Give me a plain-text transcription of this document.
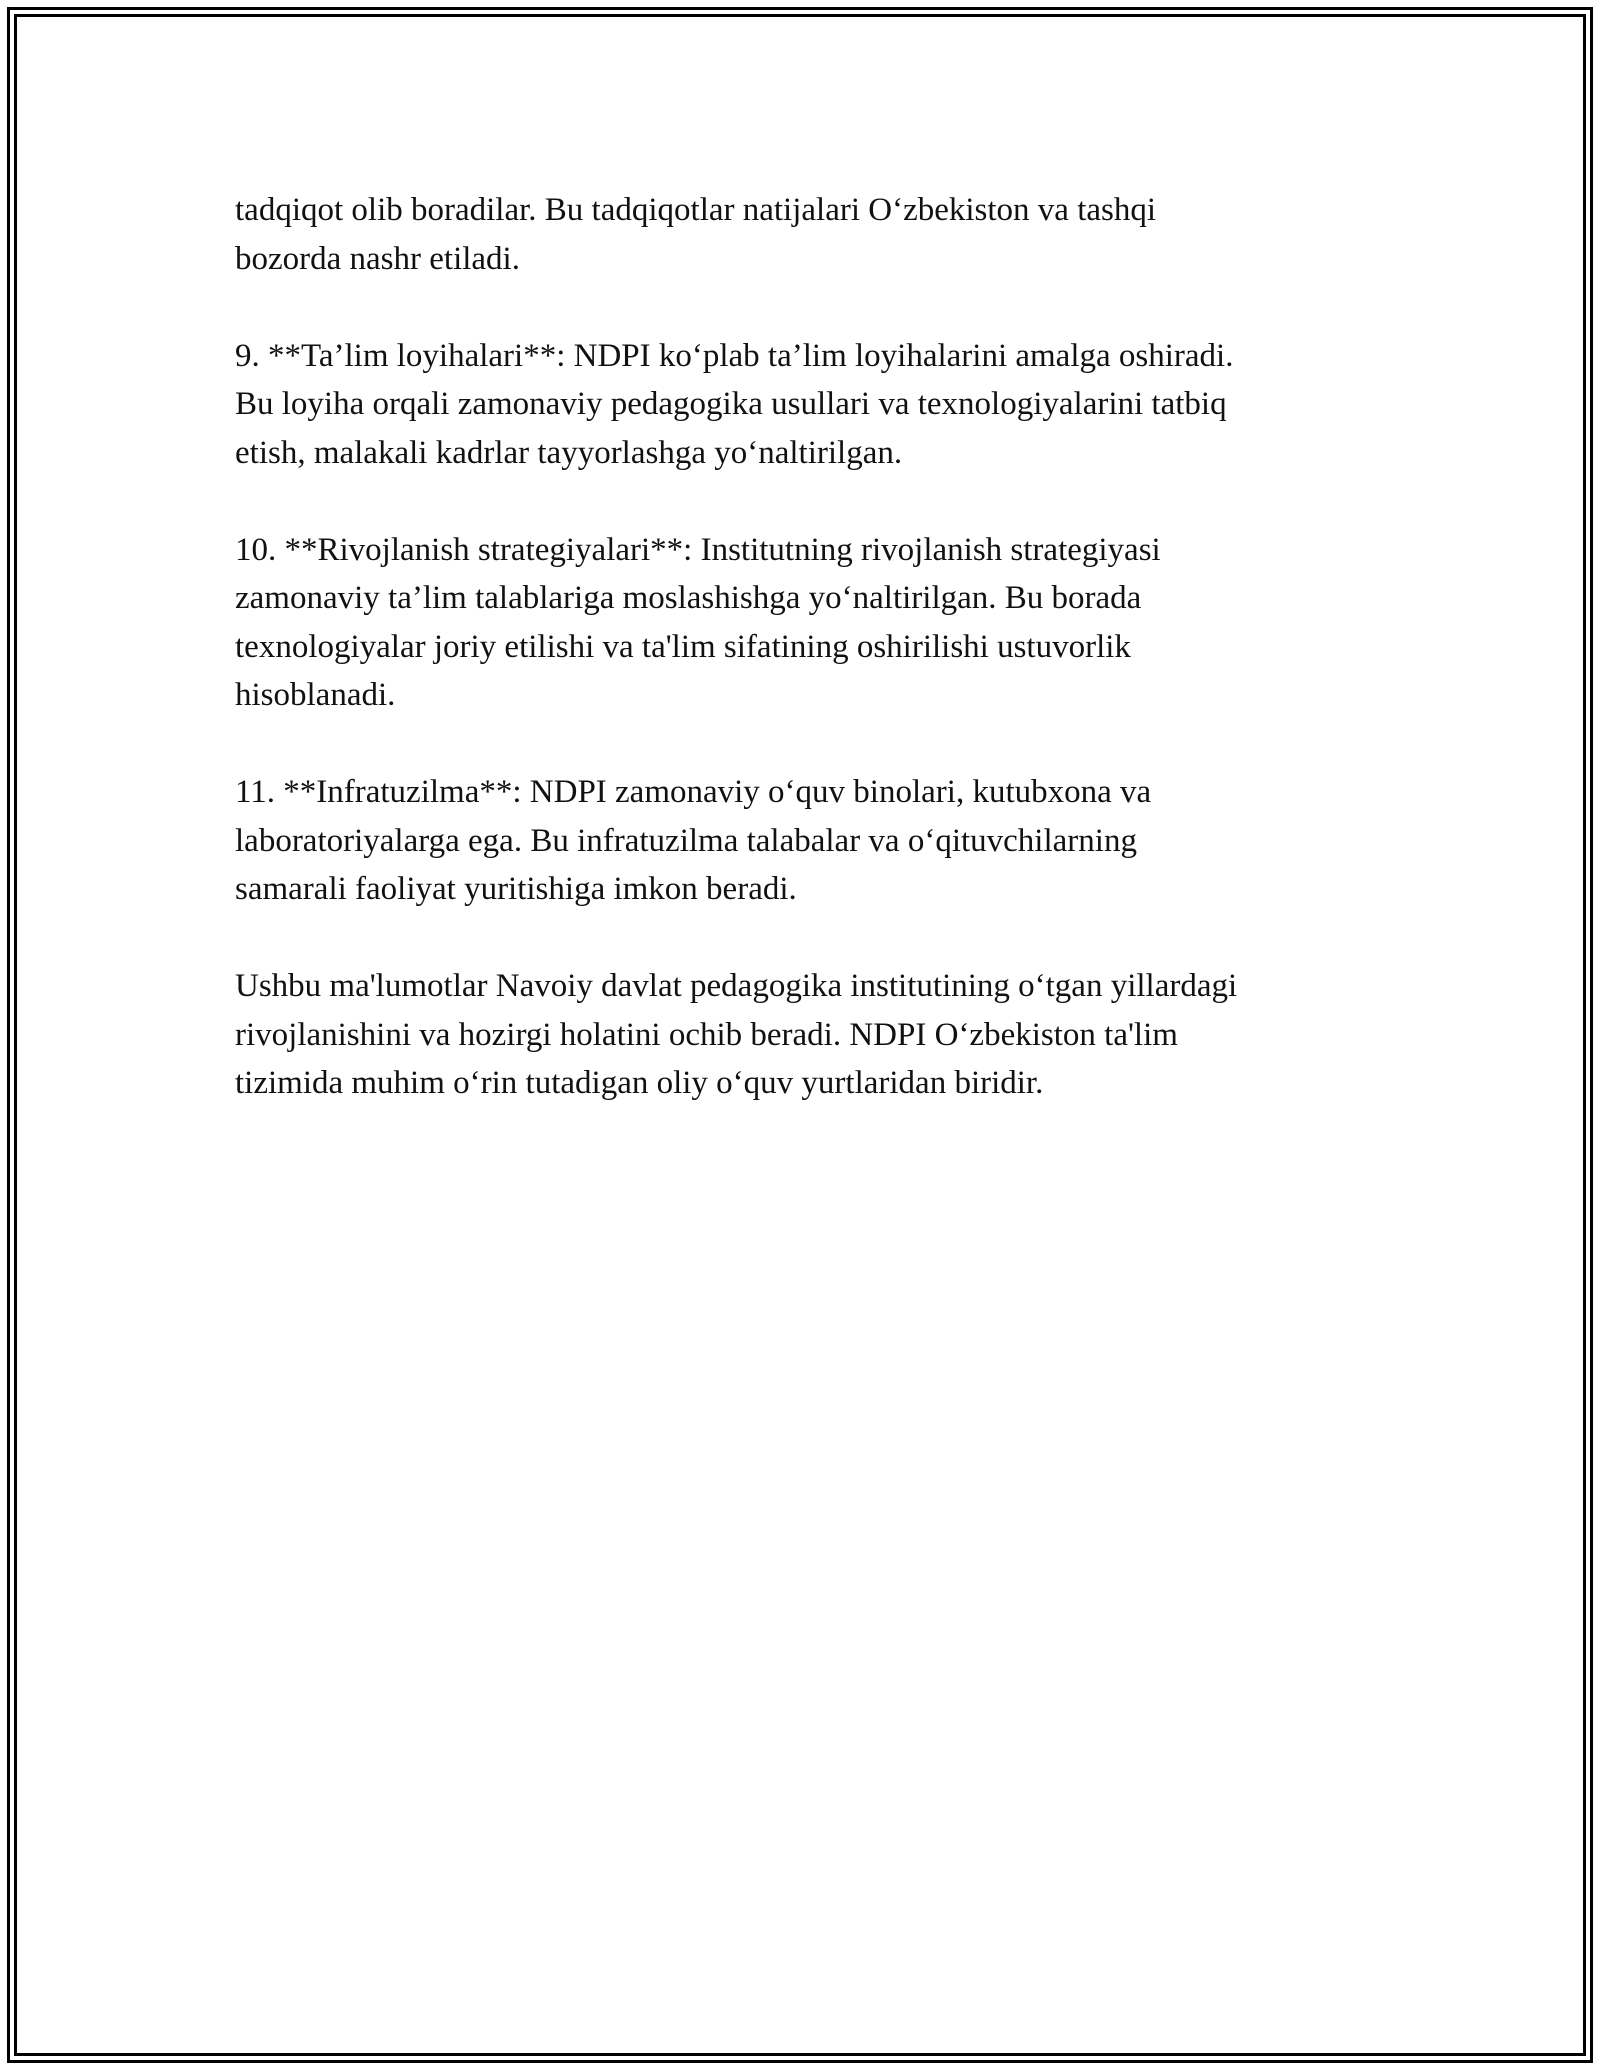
tadqiqot olib boradilar. Bu tadqiqotlar natijalari O‘zbekiston va tashqi
bozorda nashr etiladi.

9. **Ta’lim loyihalari**: NDPI ko‘plab ta’lim loyihalarini amalga oshiradi.
Bu loyiha orqali zamonaviy pedagogika usullari va texnologiyalarini tatbiq
etish, malakali kadrlar tayyorlashga yo‘naltirilgan.

10. **Rivojlanish strategiyalari**: Institutning rivojlanish strategiyasi
zamonaviy ta’lim talablariga moslashishga yo‘naltirilgan. Bu borada
texnologiyalar joriy etilishi va ta'lim sifatining oshirilishi ustuvorlik
hisoblanadi.

11. **Infratuzilma**: NDPI zamonaviy o‘quv binolari, kutubxona va
laboratoriyalarga ega. Bu infratuzilma talabalar va o‘qituvchilarning
samarali faoliyat yuritishiga imkon beradi.

Ushbu ma'lumotlar Navoiy davlat pedagogika institutining o‘tgan yillardagi
rivojlanishini va hozirgi holatini ochib beradi. NDPI O‘zbekiston ta'lim
tizimida muhim o‘rin tutadigan oliy o‘quv yurtlaridan biridir.
